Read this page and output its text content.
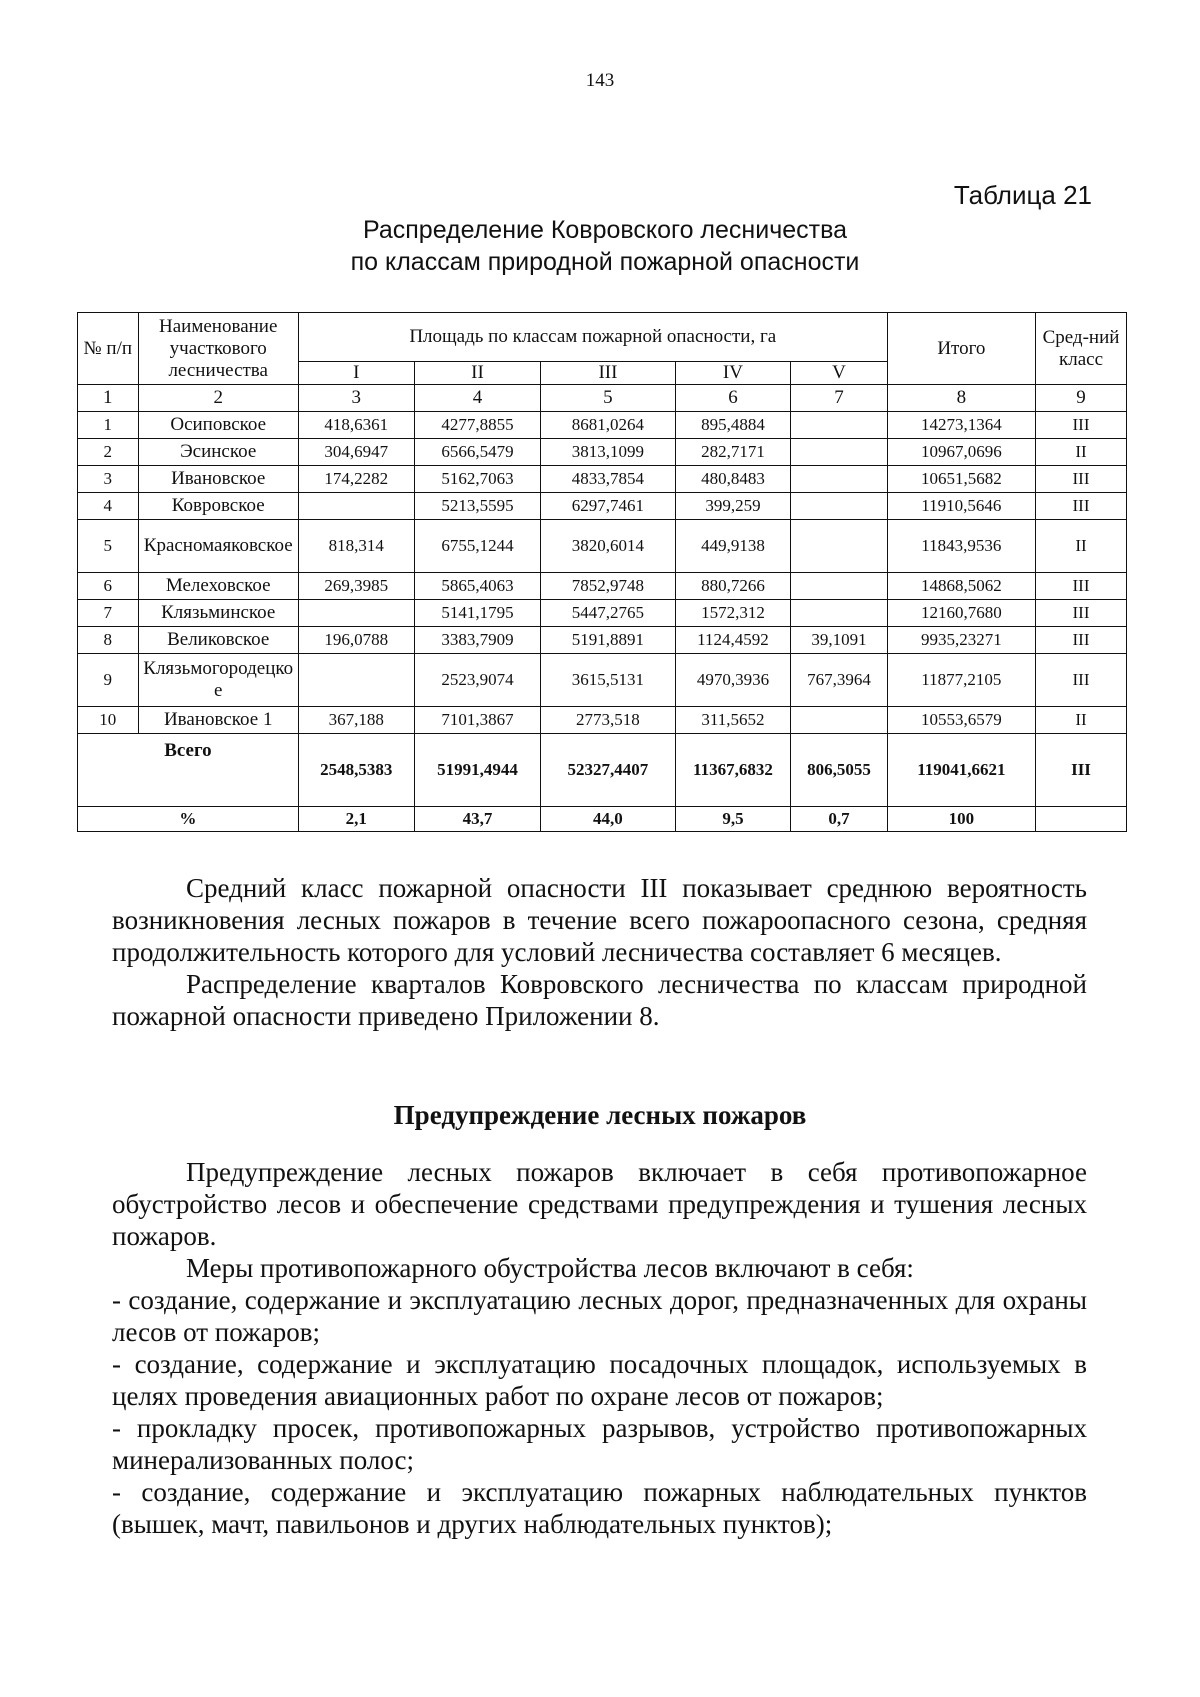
143
Таблица 21
Распределение Ковровского лесничества
по классам природной пожарной опасности
№ п/п	Наименование участкового лесничества	Площадь по классам пожарной опасности, га					Итого	Сред-ний класс
		I	II	III	IV	V		
1	2	3	4	5	6	7	8	9
1	Осиповское	418,6361	4277,8855	8681,0264	895,4884		14273,1364	III
2	Эсинское	304,6947	6566,5479	3813,1099	282,7171		10967,0696	II
3	Ивановское	174,2282	5162,7063	4833,7854	480,8483		10651,5682	III
4	Ковровское		5213,5595	6297,7461	399,259		11910,5646	III
5	Красномаяковское	818,314	6755,1244	3820,6014	449,9138		11843,9536	II
6	Мелеховское	269,3985	5865,4063	7852,9748	880,7266		14868,5062	III
7	Клязьминское		5141,1795	5447,2765	1572,312		12160,7680	III
8	Великовское	196,0788	3383,7909	5191,8891	1124,4592	39,1091	9935,23271	III
9	Клязьмогородецкое		2523,9074	3615,5131	4970,3936	767,3964	11877,2105	III
10	Ивановское 1	367,188	7101,3867	2773,518	311,5652		10553,6579	II
Всего		2548,5383	51991,4944	52327,4407	11367,6832	806,5055	119041,6621	III
%		2,1	43,7	44,0	9,5	0,7	100	

Средний класс пожарной опасности III показывает среднюю вероятность возникновения лесных пожаров в течение всего пожароопасного сезона, средняя продолжительность которого для условий лесничества составляет 6 месяцев.

Распределение кварталов Ковровского лесничества по классам природной пожарной опасности приведено Приложении 8.

Предупреждение лесных пожаров

Предупреждение лесных пожаров включает в себя противопожарное обустройство лесов и обеспечение средствами предупреждения и тушения лесных пожаров.

Меры противопожарного обустройства лесов включают в себя:

- создание, содержание и эксплуатацию лесных дорог, предназначенных для охраны лесов от пожаров;

- создание, содержание и эксплуатацию посадочных площадок, используемых в целях проведения авиационных работ по охране лесов от пожаров;

- прокладку просек, противопожарных разрывов, устройство противопожарных минерализованных полос;

- создание, содержание и эксплуатацию пожарных наблюдательных пунктов (вышек, мачт, павильонов и других наблюдательных пунктов);
